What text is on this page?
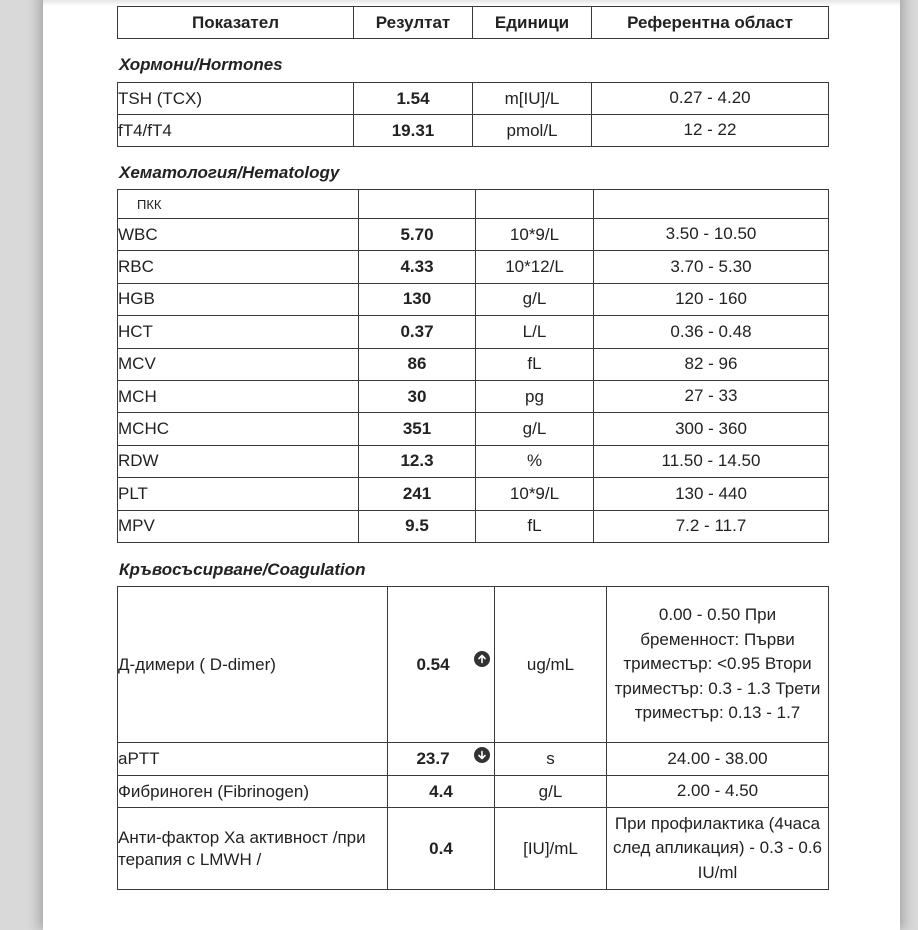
Показател	Резултат	Единици	Референтна област
Хормони/Hormones
TSH (TCX)	1.54	m[IU]/L	0.27 - 4.20
fT4/fT4	19.31	pmol/L	12 - 22
Хематология/Hematology
ПКК			
WBC	5.70	10*9/L	3.50 - 10.50
RBC	4.33	10*12/L	3.70 - 5.30
HGB	130	g/L	120 - 160
HCT	0.37	L/L	0.36 - 0.48
MCV	86	fL	82 - 96
MCH	30	pg	27 - 33
MCHC	351	g/L	300 - 360
RDW	12.3	%	11.50 - 14.50
PLT	241	10*9/L	130 - 440
MPV	9.5	fL	7.2 - 11.7
Кръвосъсирване/Coagulation
Д-димери ( D-dimer)	0.54	ug/mL	0.00 - 0.50 При бременност: Първи триместър: <0.95 Втори триместър: 0.3 - 1.3 Трети триместър: 0.13 - 1.7
aPTT	23.7	s	24.00 - 38.00
Фибриноген (Fibrinogen)	4.4	g/L	2.00 - 4.50
Анти-фактор Xa активност /при терапия с LMWH /	0.4	[IU]/mL	При профилактика (4часа след апликация) - 0.3 - 0.6 IU/ml
